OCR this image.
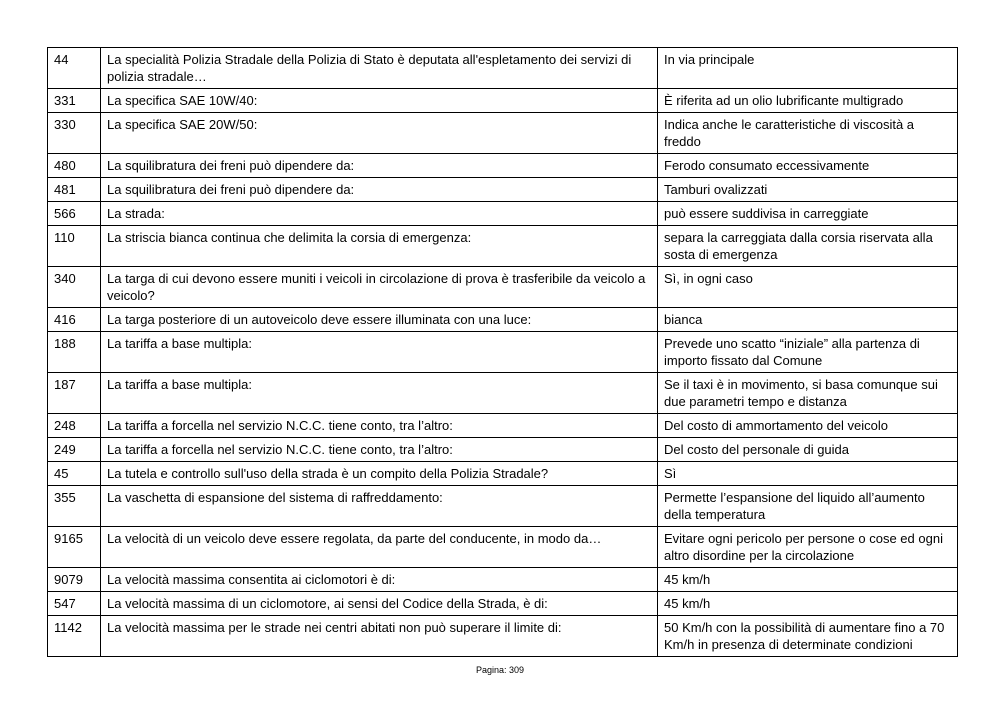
44	La specialità Polizia Stradale della Polizia di Stato è deputata all'espletamento dei servizi di polizia stradale…	In via principale
331	La specifica SAE 10W/40:	È riferita ad un olio lubrificante multigrado
330	La specifica SAE 20W/50:	Indica anche le caratteristiche di viscosità a freddo
480	La squilibratura dei freni può dipendere da:	Ferodo consumato eccessivamente
481	La squilibratura dei freni può dipendere da:	Tamburi ovalizzati
566	La strada:	può essere suddivisa in carreggiate
110	La striscia bianca continua che delimita la corsia di emergenza:	separa la carreggiata dalla corsia riservata alla sosta di emergenza
340	La targa di cui devono essere muniti i veicoli in circolazione di prova è trasferibile da veicolo a veicolo?	Sì, in ogni caso
416	La targa posteriore di un autoveicolo deve essere illuminata con una luce:	bianca
188	La tariffa a base multipla:	Prevede uno scatto “iniziale” alla partenza di importo fissato dal Comune
187	La tariffa a base multipla:	Se il taxi è in movimento, si basa comunque sui due parametri tempo e distanza
248	La tariffa a forcella nel servizio N.C.C. tiene conto, tra l’altro:	Del costo di ammortamento del veicolo
249	La tariffa a forcella nel servizio N.C.C. tiene conto, tra l’altro:	Del costo del personale di guida
45	La tutela e controllo sull'uso della strada è un compito della Polizia Stradale?	Sì
355	La vaschetta di espansione del sistema di raffreddamento:	Permette l’espansione del liquido all’aumento della temperatura
9165	La velocità di un veicolo deve essere regolata, da parte del conducente, in modo da…	Evitare ogni pericolo per persone o cose ed ogni altro disordine per la circolazione
9079	La velocità massima consentita ai ciclomotori è di:	45 km/h
547	La velocità massima di un ciclomotore, ai sensi del Codice della Strada, è di:	45 km/h
1142	La velocità massima per le strade nei centri abitati non può superare il limite di:	50 Km/h con la possibilità di aumentare fino a 70 Km/h in presenza di determinate condizioni
Pagina: 309
